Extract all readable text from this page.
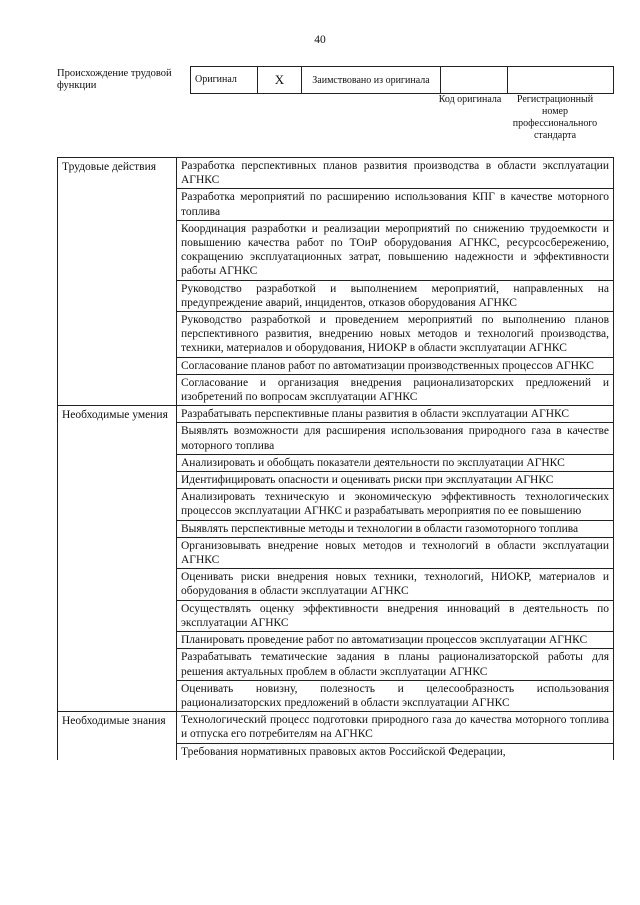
40
Происхождение трудовой функции	Оригинал	X	Заимствовано из оригинала		
Код оригинала	Регистрационный номер профессионального стандарта
Трудовые действия	Разработка перспективных планов развития производства в области эксплуатации АГНКС
	Разработка мероприятий по расширению использования КПГ в качестве моторного топлива
	Координация разработки и реализации мероприятий по снижению трудоемкости и повышению качества работ по ТОиР оборудования АГНКС, ресурсосбережению, сокращению эксплуатационных затрат, повышению надежности и эффективности работы АГНКС
	Руководство разработкой и выполнением мероприятий, направленных на предупреждение аварий, инцидентов, отказов оборудования АГНКС
	Руководство разработкой и проведением мероприятий по выполнению планов перспективного развития, внедрению новых методов и технологий производства, техники, материалов и оборудования, НИОКР в области эксплуатации АГНКС
	Согласование планов работ по автоматизации производственных процессов АГНКС
	Согласование и организация внедрения рационализаторских предложений и изобретений по вопросам эксплуатации АГНКС
Необходимые умения	Разрабатывать перспективные планы развития в области эксплуатации АГНКС
	Выявлять возможности для расширения использования природного газа в качестве моторного топлива
	Анализировать и обобщать показатели деятельности по эксплуатации АГНКС
	Идентифицировать опасности и оценивать риски при эксплуатации АГНКС
	Анализировать техническую и экономическую эффективность технологических процессов эксплуатации АГНКС и разрабатывать мероприятия по ее повышению
	Выявлять перспективные методы и технологии в области газомоторного топлива
	Организовывать внедрение новых методов и технологий в области эксплуатации АГНКС
	Оценивать риски внедрения новых техники, технологий, НИОКР, материалов и оборудования в области эксплуатации АГНКС
	Осуществлять оценку эффективности внедрения инноваций в деятельность по эксплуатации АГНКС
	Планировать проведение работ по автоматизации процессов эксплуатации АГНКС
	Разрабатывать тематические задания в планы рационализаторской работы для решения актуальных проблем в области эксплуатации АГНКС
	Оценивать новизну, полезность и целесообразность использования рационализаторских предложений в области эксплуатации АГНКС
Необходимые знания	Технологический процесс подготовки природного газа до качества моторного топлива и отпуска его потребителям на АГНКС
	Требования нормативных правовых актов Российской Федерации,
